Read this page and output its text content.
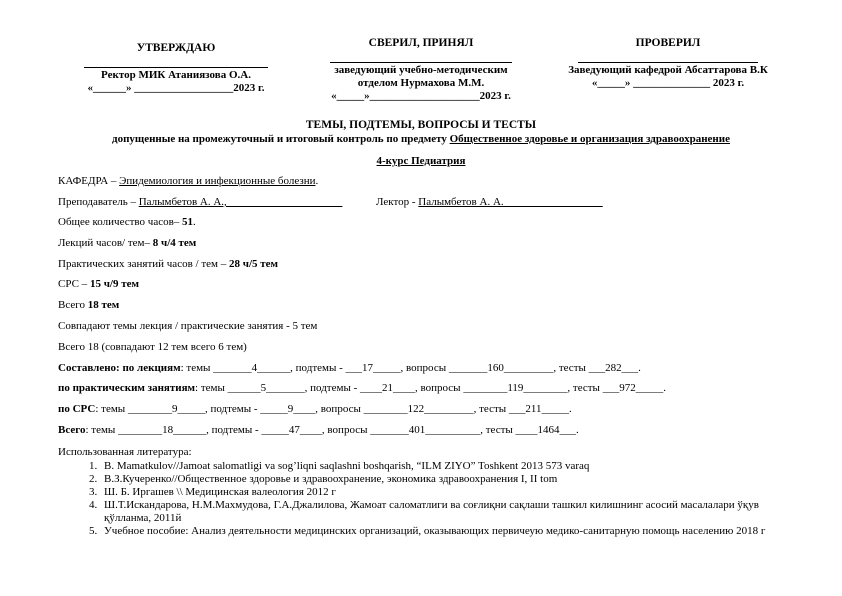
УТВЕРЖДАЮ
Ректор МИК Атаниязова О.А.
«______» __________________2023 г.
СВЕРИЛ, ПРИНЯЛ
заведующий учебно-методическим
отделом Нурмахова М.М.
«_____»____________________2023 г.
ПРОВЕРИЛ
Заведующий кафедрой Абсаттарова В.К
«_____» ______________ 2023 г.
ТЕМЫ, ПОДТЕМЫ, ВОПРОСЫ И ТЕСТЫ
допущенные на промежуточный и итоговый контроль по предмету Общественное здоровье и организация здравоохранение
4-курс Педиатрия
КАФЕДРА – Эпидемиология и инфекционные болезни.
Преподаватель – Палымбетов А. А.,_____________________	Лектор - Палымбетов А. А.__________________
Общее количество часов– 51.
Лекций часов/ тем– 8 ч/4 тем
Практических занятий часов / тем – 28 ч/5 тем
СРС – 15 ч/9 тем
Всего 18 тем
Совпадают темы лекция / практические занятия - 5 тем
Всего 18 (совпадают 12 тем всего 6 тем)
Составлено: по лекциям: темы _______4______, подтемы - ___17_____, вопросы _______160_________, тесты ___282___.
по практическим занятиям: темы ______5_______, подтемы - ____21____, вопросы ________119________, тесты ___972_____.
по СРС: темы ________9_____, подтемы - _____9____, вопросы ________122_________, тесты ___211_____.
Всего: темы ________18______, подтемы - _____47____, вопросы _______401__________, тесты ____1464___.
Использованная литература:
1. B. Mamatkulov//Jamoat salomatligi va sog’liqni saqlashni boshqarish, “ILM ZIYO” Toshkent 2013 573 varaq
2. В.З.Кучеренко//Общественное здоровье и здравоохранение, экономика здравоохранения I, II tom
3. Ш. Б. Иргашев \\ Медицинская валеология 2012 г
4. Ш.Т.Искандарова, Н.М.Махмудова, Г.А.Джалилова, Жамоат саломатлиги ва соғлиқни сақлаши ташкил килишнинг асосий масалалари ўқув қўлланма, 2011й
5. Учебное пособие: Анализ деятельности медицинских организаций, оказывающих первичеую медико-санитарную помощь населению 2018 г
